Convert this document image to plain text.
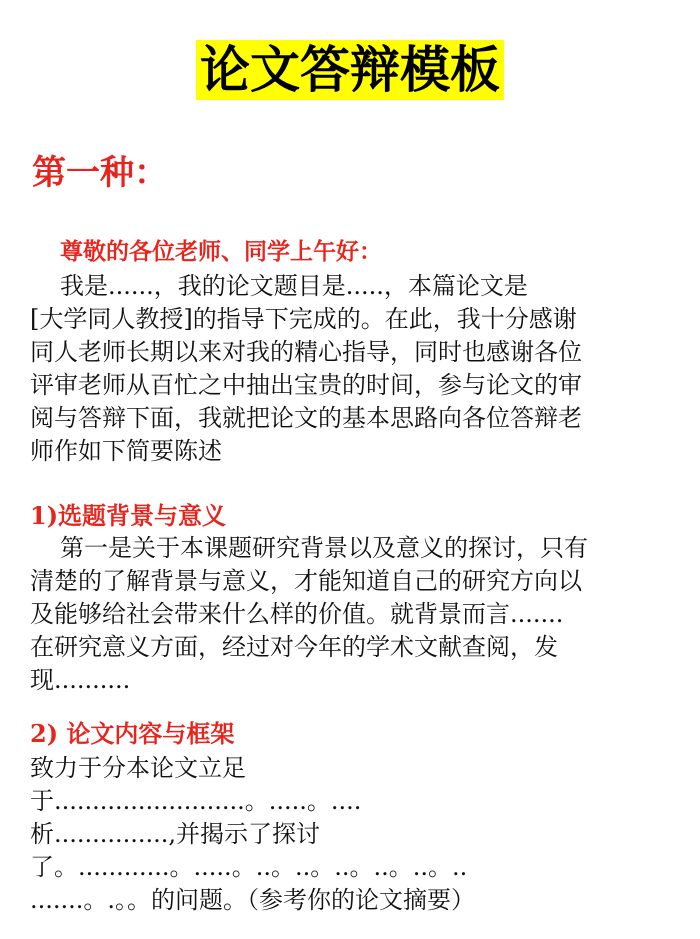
论文答辩模板
第一种：
尊敬的各位老师、同学上午好：
我是......，我的论文题目是.....，本篇论文是
[大学同人教授]的指导下完成的。在此，我十分感谢
同人老师长期以来对我的精心指导，同时也感谢各位
评审老师从百忙之中抽出宝贵的时间，参与论文的审
阅与答辩下面，我就把论文的基本思路向各位答辩老
师作如下简要陈述
1)选题背景与意义
第一是关于本课题研究背景以及意义的探讨，只有
清楚的了解背景与意义，才能知道自己的研究方向以
及能够给社会带来什么样的价值。就背景而言.......
在研究意义方面，经过对今年的学术文献查阅，发
现..........
2) 论文内容与框架
致力于分本论文立足
于.........................。.....。....
析...............,并揭示了探讨
了。............。.....。..。..。..。..。..。..
.......。.。。的问题。（参考你的论文摘要）
